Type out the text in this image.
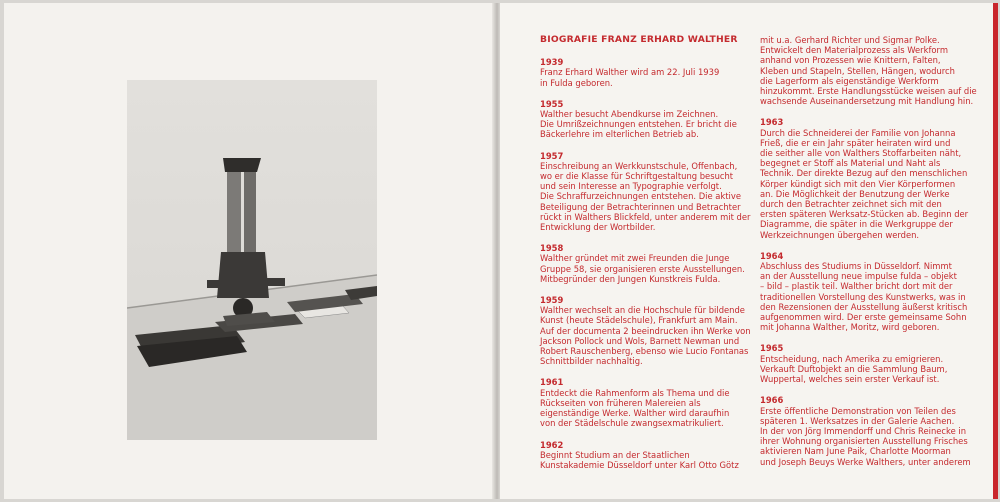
BIOGRAFIE FRANZ ERHARD WALTHER
1939
Franz Erhard Walther wird am 22. Juli 1939
in Fulda geboren.
1955
Walther besucht Abendkurse im Zeichnen.
Die Umrißzeichnungen entstehen. Er bricht die
Bäckerlehre im elterlichen Betrieb ab.
1957
Einschreibung an Werkkunstschule, Offenbach,
wo er die Klasse für Schriftgestaltung besucht
und sein Interesse an Typographie verfolgt.
Die Schraffurzeichnungen entstehen. Die aktive
Beteiligung der Betrachterinnen und Betrachter
rückt in Walthers Blickfeld, unter anderem mit der
Entwicklung der Wortbilder.
1958
Walther gründet mit zwei Freunden die Junge
Gruppe 58, sie organisieren erste Ausstellungen.
Mitbegründer den Jungen Kunstkreis Fulda.
1959
Walther wechselt an die Hochschule für bildende
Kunst (heute Städelschule), Frankfurt am Main.
Auf der documenta 2 beeindrucken ihn Werke von
Jackson Pollock und Wols, Barnett Newman und
Robert Rauschenberg, ebenso wie Lucio Fontanas
Schnittbilder nachhaltig.
1961
Entdeckt die Rahmenform als Thema und die
Rückseiten von früheren Malereien als
eigenständige Werke. Walther wird daraufhin
von der Städelschule zwangsexmatrikuliert.
1962
Beginnt Studium an der Staatlichen
Kunstakademie Düsseldorf unter Karl Otto Götz
mit u.a. Gerhard Richter und Sigmar Polke.
Entwickelt den Materialprozess als Werkform
anhand von Prozessen wie Knittern, Falten,
Kleben und Stapeln, Stellen, Hängen, wodurch
die Lagerform als eigenständige Werkform
hinzukommt. Erste Handlungsstücke weisen auf die
wachsende Auseinandersetzung mit Handlung hin.
1963
Durch die Schneiderei der Familie von Johanna
Frieß, die er ein Jahr später heiraten wird und
die seither alle von Walthers Stoffarbeiten näht,
begegnet er Stoff als Material und Naht als
Technik. Der direkte Bezug auf den menschlichen
Körper kündigt sich mit den Vier Körperformen
an. Die Möglichkeit der Benutzung der Werke
durch den Betrachter zeichnet sich mit den
ersten späteren Werksatz-Stücken ab. Beginn der
Diagramme, die später in die Werkgruppe der
Werkzeichnungen übergehen werden.
1964
Abschluss des Studiums in Düsseldorf. Nimmt
an der Ausstellung neue impulse fulda – objekt
– bild – plastik teil. Walther bricht dort mit der
traditionellen Vorstellung des Kunstwerks, was in
den Rezensionen der Ausstellung äußerst kritisch
aufgenommen wird. Der erste gemeinsame Sohn
mit Johanna Walther, Moritz, wird geboren.
1965
Entscheidung, nach Amerika zu emigrieren.
Verkauft Duftobjekt an die Sammlung Baum,
Wuppertal, welches sein erster Verkauf ist.
1966
Erste öffentliche Demonstration von Teilen des
späteren 1. Werksatzes in der Galerie Aachen.
In der von Jörg Immendorff und Chris Reinecke in
ihrer Wohnung organisierten Ausstellung Frisches
aktivieren Nam June Paik, Charlotte Moorman
und Joseph Beuys Werke Walthers, unter anderem
